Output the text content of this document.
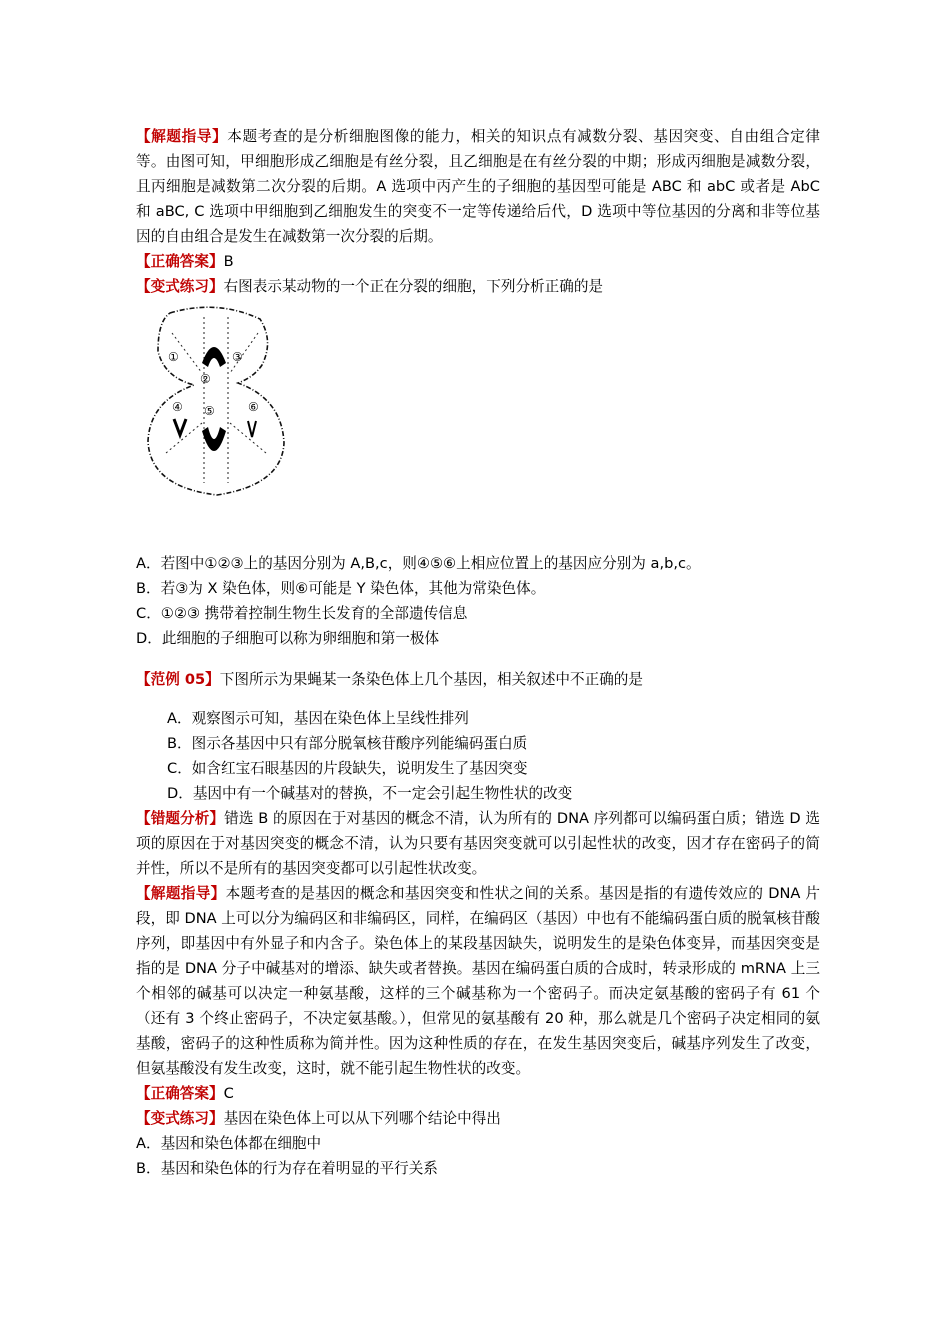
【解题指导】本题考查的是分析细胞图像的能力，相关的知识点有减数分裂、基因突变、自由组合定律等。由图可知，甲细胞形成乙细胞是有丝分裂，且乙细胞是在有丝分裂的中期；形成丙细胞是减数分裂，且丙细胞是减数第二次分裂的后期。A 选项中丙产生的子细胞的基因型可能是 ABC 和 abC 或者是 AbC 和 aBC, C 选项中甲细胞到乙细胞发生的突变不一定等传递给后代，D 选项中等位基因的分离和非等位基因的自由组合是发生在减数第一次分裂的后期。

【正确答案】B

【变式练习】右图表示某动物的一个正在分裂的细胞，下列分析正确的是

①
②
③
④ ⑤	⑥

A．若图中①②③上的基因分别为 A,B,c，则④⑤⑥上相应位置上的基因应分别为 a,b,c。

B．若③为 X 染色体，则⑥可能是 Y 染色体，其他为常染色体。

C．①②③ 携带着控制生物生长发育的全部遗传信息

D．此细胞的子细胞可以称为卵细胞和第一极体

【范例 05】下图所示为果蝇某一条染色体上几个基因，相关叙述中不正确的是

A．观察图示可知，基因在染色体上呈线性排列

B．图示各基因中只有部分脱氧核苷酸序列能编码蛋白质

C．如含红宝石眼基因的片段缺失，说明发生了基因突变

D．基因中有一个碱基对的替换，不一定会引起生物性状的改变

【错题分析】错选 B 的原因在于对基因的概念不清，认为所有的 DNA 序列都可以编码蛋白质；错选 D 选项的原因在于对基因突变的概念不清，认为只要有基因突变就可以引起性状的改变，因才存在密码子的简并性，所以不是所有的基因突变都可以引起性状改变。

【解题指导】本题考查的是基因的概念和基因突变和性状之间的关系。基因是指的有遗传效应的 DNA 片段，即 DNA 上可以分为编码区和非编码区，同样，在编码区（基因）中也有不能编码蛋白质的脱氧核苷酸序列，即基因中有外显子和内含子。染色体上的某段基因缺失，说明发生的是染色体变异，而基因突变是指的是 DNA 分子中碱基对的增添、缺失或者替换。基因在编码蛋白质的合成时，转录形成的 mRNA 上三个相邻的碱基可以决定一种氨基酸，这样的三个碱基称为一个密码子。而决定氨基酸的密码子有 61 个（还有 3 个终止密码子，不决定氨基酸。），但常见的氨基酸有 20 种，那么就是几个密码子决定相同的氨基酸，密码子的这种性质称为简并性。因为这种性质的存在，在发生基因突变后，碱基序列发生了改变，但氨基酸没有发生改变，这时，就不能引起生物性状的改变。

【正确答案】C

【变式练习】基因在染色体上可以从下列哪个结论中得出

A．基因和染色体都在细胞中

B．基因和染色体的行为存在着明显的平行关系
